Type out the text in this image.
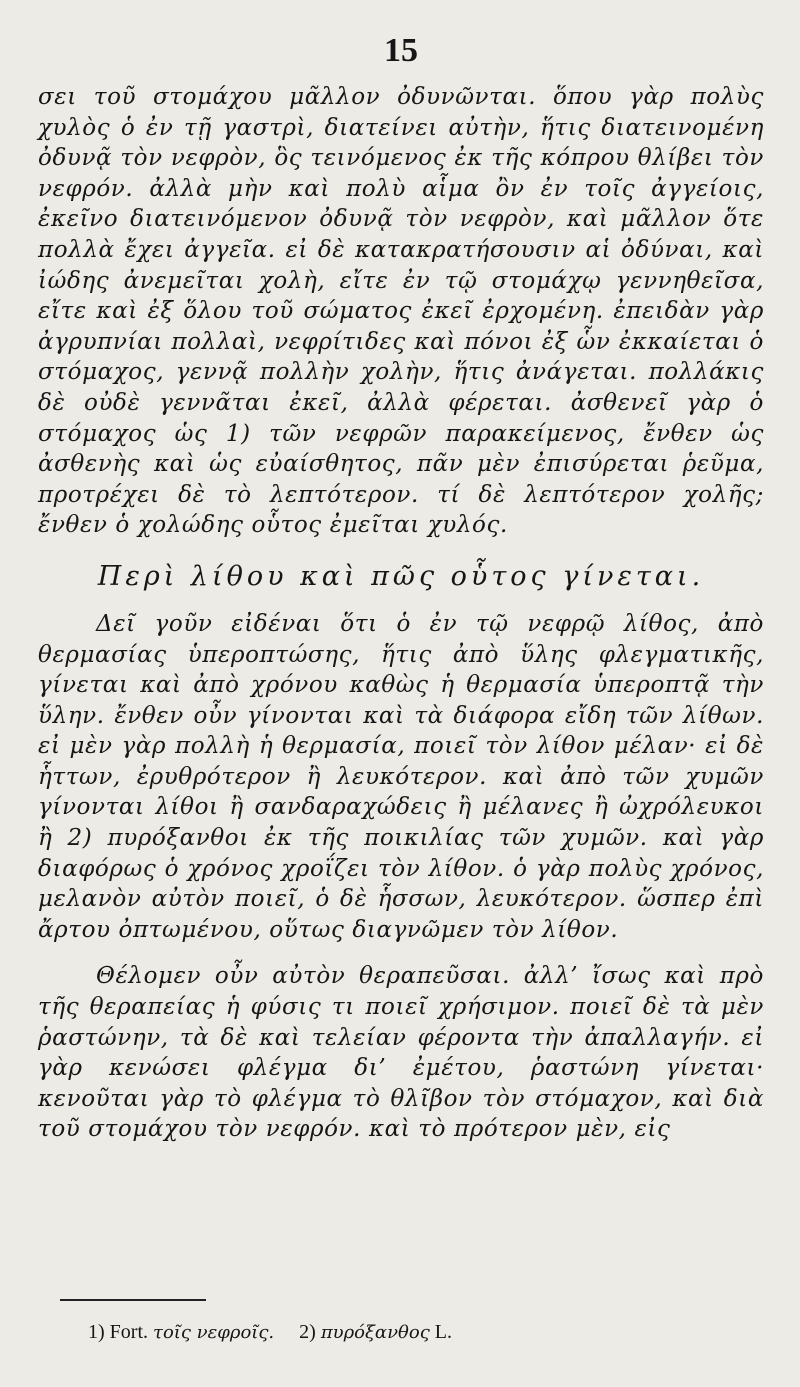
15

σει τοῦ στομάχου μᾶλλον ὀδυνῶνται. ὅπου γὰρ πολὺς χυλὸς ὁ ἐν τῇ γαστρὶ, διατείνει αὐτὴν, ἥτις διατεινομένη ὀδυνᾷ τὸν νεφρὸν, ὃς τεινόμενος ἐκ τῆς κόπρου θλίβει τὸν νεφρόν. ἀλλὰ μὴν καὶ πολὺ αἷμα ὂν ἐν τοῖς ἀγγείοις, ἐκεῖνο διατεινόμενον ὀδυνᾷ τὸν νεφρὸν, καὶ μᾶλλον ὅτε πολλὰ ἔχει ἀγγεῖα. εἰ δὲ κατακρατήσουσιν αἱ ὀδύναι, καὶ ἰώδης ἀνεμεῖται χολὴ, εἴτε ἐν τῷ στομάχῳ γεννηθεῖσα, εἴτε καὶ ἐξ ὅλου τοῦ σώματος ἐκεῖ ἐρχομένη. ἐπειδὰν γὰρ ἀγρυπνίαι πολλαὶ, νεφρίτιδες καὶ πόνοι ἐξ ὧν ἐκκαίεται ὁ στόμαχος, γεννᾷ πολλὴν χολὴν, ἥτις ἀνάγεται. πολλάκις δὲ οὐδὲ γεννᾶται ἐκεῖ, ἀλλὰ φέρεται. ἀσθενεῖ γὰρ ὁ στόμαχος ὡς 1) τῶν νεφρῶν παρακείμενος, ἔνθεν ὡς ἀσθενὴς καὶ ὡς εὐαίσθητος, πᾶν μὲν ἐπισύρεται ῥεῦμα, προτρέχει δὲ τὸ λεπτότερον. τί δὲ λεπτότερον χολῆς; ἔνθεν ὁ χολώδης οὗτος ἐμεῖται χυλός.

Περὶ λίθου καὶ πῶς οὗτος γίνεται.

Δεῖ γοῦν εἰδέναι ὅτι ὁ ἐν τῷ νεφρῷ λίθος, ἀπὸ θερμασίας ὑπεροπτώσης, ἥτις ἀπὸ ὕλης φλεγματικῆς, γίνεται καὶ ἀπὸ χρόνου καθὼς ἡ θερμασία ὑπεροπτᾷ τὴν ὕλην. ἔνθεν οὖν γίνονται καὶ τὰ διάφορα εἴδη τῶν λίθων. εἰ μὲν γὰρ πολλὴ ἡ θερμασία, ποιεῖ τὸν λίθον μέλαν· εἰ δὲ ἧττων, ἐρυθρότερον ἢ λευκότερον. καὶ ἀπὸ τῶν χυμῶν γίνονται λίθοι ἢ σανδαραχώδεις ἢ μέλανες ἢ ὠχρόλευκοι ἢ 2) πυρόξανθοι ἐκ τῆς ποικιλίας τῶν χυμῶν. καὶ γὰρ διαφόρως ὁ χρόνος χροΐζει τὸν λίθον. ὁ γὰρ πολὺς χρόνος, μελανὸν αὐτὸν ποιεῖ, ὁ δὲ ἧσσων, λευκότερον. ὥσπερ ἐπὶ ἄρτου ὀπτωμένου, οὕτως διαγνῶμεν τὸν λίθον.

Θέλομεν οὖν αὐτὸν θεραπεῦσαι. ἀλλ’ ἴσως καὶ πρὸ τῆς θεραπείας ἡ φύσις τι ποιεῖ χρήσιμον. ποιεῖ δὲ τὰ μὲν ῥαστώνην, τὰ δὲ καὶ τελείαν φέροντα τὴν ἀπαλλαγήν. εἰ γὰρ κενώσει φλέγμα δι’ ἐμέτου, ῥαστώνη γίνεται· κενοῦται γὰρ τὸ φλέγμα τὸ θλῖβον τὸν στόμαχον, καὶ διὰ τοῦ στομάχου τὸν νεφρόν. καὶ τὸ πρότερον μὲν, εἰς

1) Fort. τοῖς νεφροῖς. 2) πυρόξανθος L.
